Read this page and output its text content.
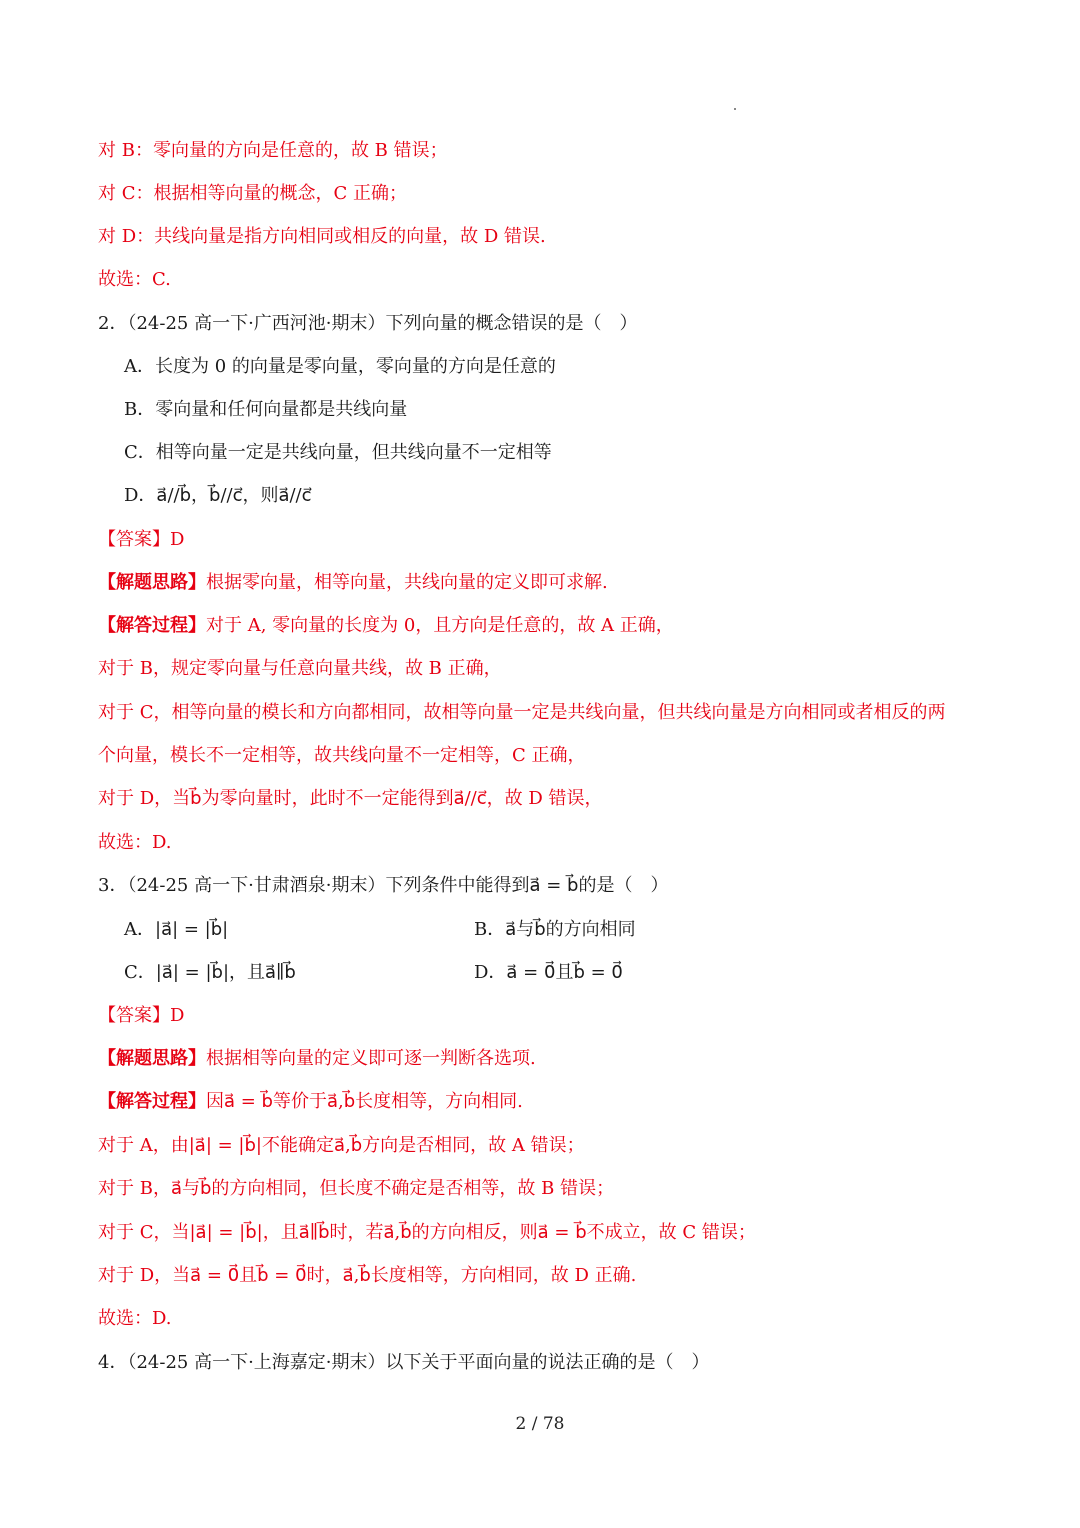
对 B：零向量的方向是任意的，故 B 错误；
对 C：根据相等向量的概念，C 正确；
对 D：共线向量是指方向相同或相反的向量，故 D 错误.
故选：C.
2．（24-25 高一下·广西河池·期末）下列向量的概念错误的是（　）
A．长度为 0 的向量是零向量，零向量的方向是任意的
B．零向量和任何向量都是共线向量
C．相等向量一定是共线向量，但共线向量不一定相等
D．a⃗//b⃗，b⃗//c⃗，则a⃗//c⃗
【答案】D
【解题思路】根据零向量，相等向量，共线向量的定义即可求解.
【解答过程】对于 A, 零向量的长度为 0，且方向是任意的，故 A 正确，
对于 B，规定零向量与任意向量共线，故 B 正确，
对于 C，相等向量的模长和方向都相同，故相等向量一定是共线向量，但共线向量是方向相同或者相反的两
个向量，模长不一定相等，故共线向量不一定相等，C 正确，
对于 D，当b⃗为零向量时，此时不一定能得到a⃗//c⃗，故 D 错误，
故选：D.
3．（24-25 高一下·甘肃酒泉·期末）下列条件中能得到a⃗ = b⃗的是（　）
A．|a⃗| = |b⃗|	B．a⃗与b⃗的方向相同
C．|a⃗| = |b⃗|，且a⃗∥b⃗	D．a⃗ = 0⃗且b⃗ = 0⃗
【答案】D
【解题思路】根据相等向量的定义即可逐一判断各选项.
【解答过程】因a⃗ = b⃗等价于a⃗,b⃗长度相等，方向相同.
对于 A，由|a⃗| = |b⃗|不能确定a⃗,b⃗方向是否相同，故 A 错误；
对于 B，a⃗与b⃗的方向相同，但长度不确定是否相等，故 B 错误；
对于 C，当|a⃗| = |b⃗|，且a⃗∥b⃗时，若a⃗,b⃗的方向相反，则a⃗ = b⃗不成立，故 C 错误；
对于 D，当a⃗ = 0⃗且b⃗ = 0⃗时，a⃗,b⃗长度相等，方向相同，故 D 正确.
故选：D.
4．（24-25 高一下·上海嘉定·期末）以下关于平面向量的说法正确的是（　）
2 / 78
